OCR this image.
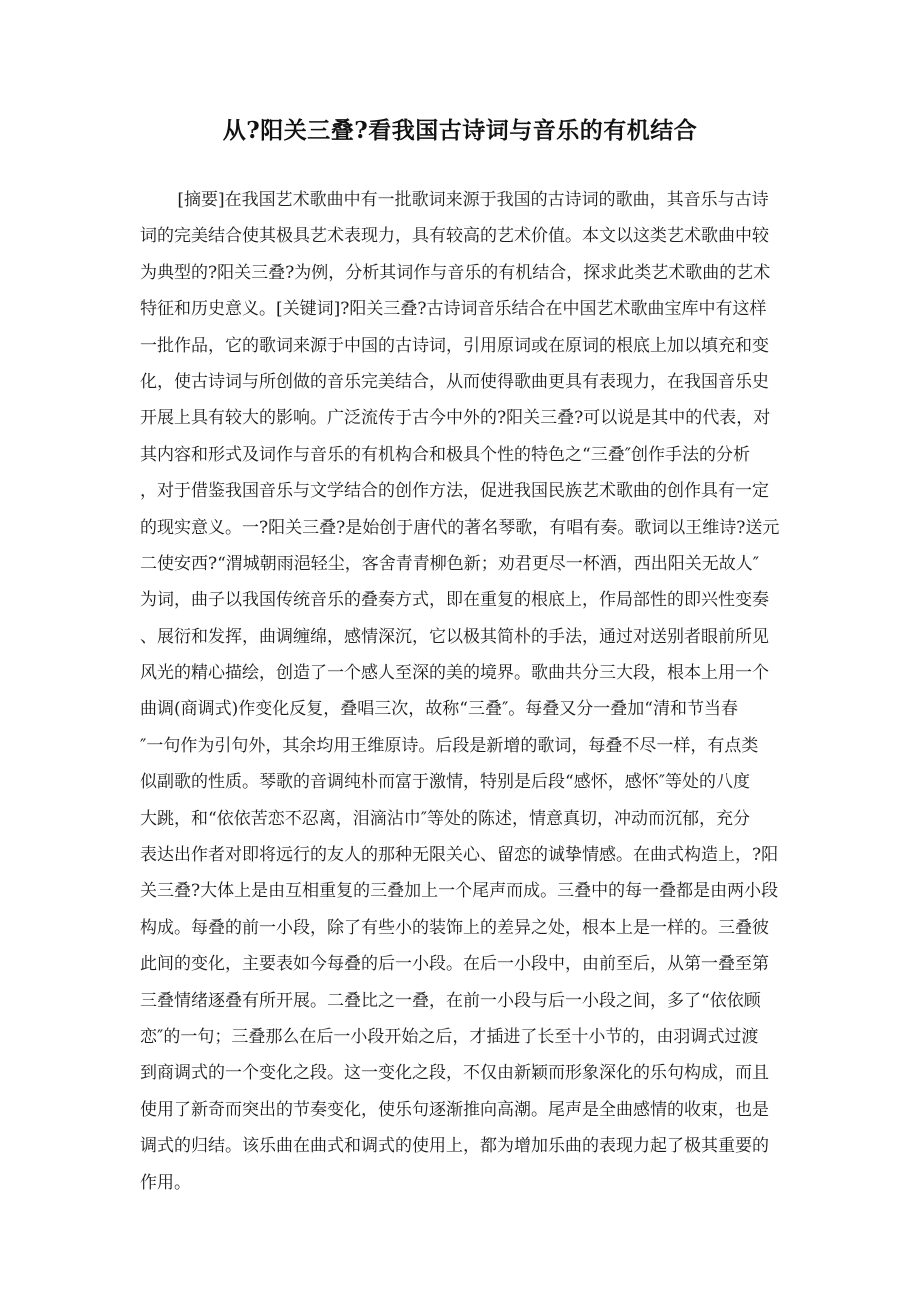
从?阳关三叠?看我国古诗词与音乐的有机结合
[摘要]在我国艺术歌曲中有一批歌词来源于我国的古诗词的歌曲，其音乐与古诗
词的完美结合使其极具艺术表现力，具有较高的艺术价值。本文以这类艺术歌曲中较
为典型的?阳关三叠?为例，分析其词作与音乐的有机结合，探求此类艺术歌曲的艺术
特征和历史意义。[关键词]?阳关三叠?古诗词音乐结合在中国艺术歌曲宝库中有这样
一批作品，它的歌词来源于中国的古诗词，引用原词或在原词的根底上加以填充和变
化，使古诗词与所创做的音乐完美结合，从而使得歌曲更具有表现力，在我国音乐史
开展上具有较大的影响。广泛流传于古今中外的?阳关三叠?可以说是其中的代表，对
其内容和形式及词作与音乐的有机构合和极具个性的特色之“三叠″创作手法的分析
，对于借鉴我国音乐与文学结合的创作方法，促进我国民族艺术歌曲的创作具有一定
的现实意义。一?阳关三叠?是始创于唐代的著名琴歌，有唱有奏。歌词以王维诗?送元
二使安西?“渭城朝雨浥轻尘，客舍青青柳色新；劝君更尽一杯酒，西出阳关无故人″
为词，曲子以我国传统音乐的叠奏方式，即在重复的根底上，作局部性的即兴性变奏
、展衍和发挥，曲调缠绵，感情深沉，它以极其简朴的手法，通过对送别者眼前所见
风光的精心描绘，创造了一个感人至深的美的境界。歌曲共分三大段，根本上用一个
曲调(商调式)作变化反复，叠唱三次，故称“三叠″。每叠又分一叠加“清和节当春
″一句作为引句外，其余均用王维原诗。后段是新增的歌词，每叠不尽一样，有点类
似副歌的性质。琴歌的音调纯朴而富于激情，特别是后段“感怀，感怀″等处的八度
大跳，和“依依苦恋不忍离，泪滴沾巾″等处的陈述，情意真切，冲动而沉郁，充分
表达出作者对即将远行的友人的那种无限关心、留恋的诚挚情感。在曲式构造上，?阳
关三叠?大体上是由互相重复的三叠加上一个尾声而成。三叠中的每一叠都是由两小段
构成。每叠的前一小段，除了有些小的装饰上的差异之处，根本上是一样的。三叠彼
此间的变化，主要表如今每叠的后一小段。在后一小段中，由前至后，从第一叠至第
三叠情绪逐叠有所开展。二叠比之一叠，在前一小段与后一小段之间，多了“依依顾
恋″的一句；三叠那么在后一小段开始之后，才插进了长至十小节的，由羽调式过渡
到商调式的一个变化之段。这一变化之段，不仅由新颖而形象深化的乐句构成，而且
使用了新奇而突出的节奏变化，使乐句逐渐推向高潮。尾声是全曲感情的收束，也是
调式的归结。该乐曲在曲式和调式的使用上，都为增加乐曲的表现力起了极其重要的
作用。
